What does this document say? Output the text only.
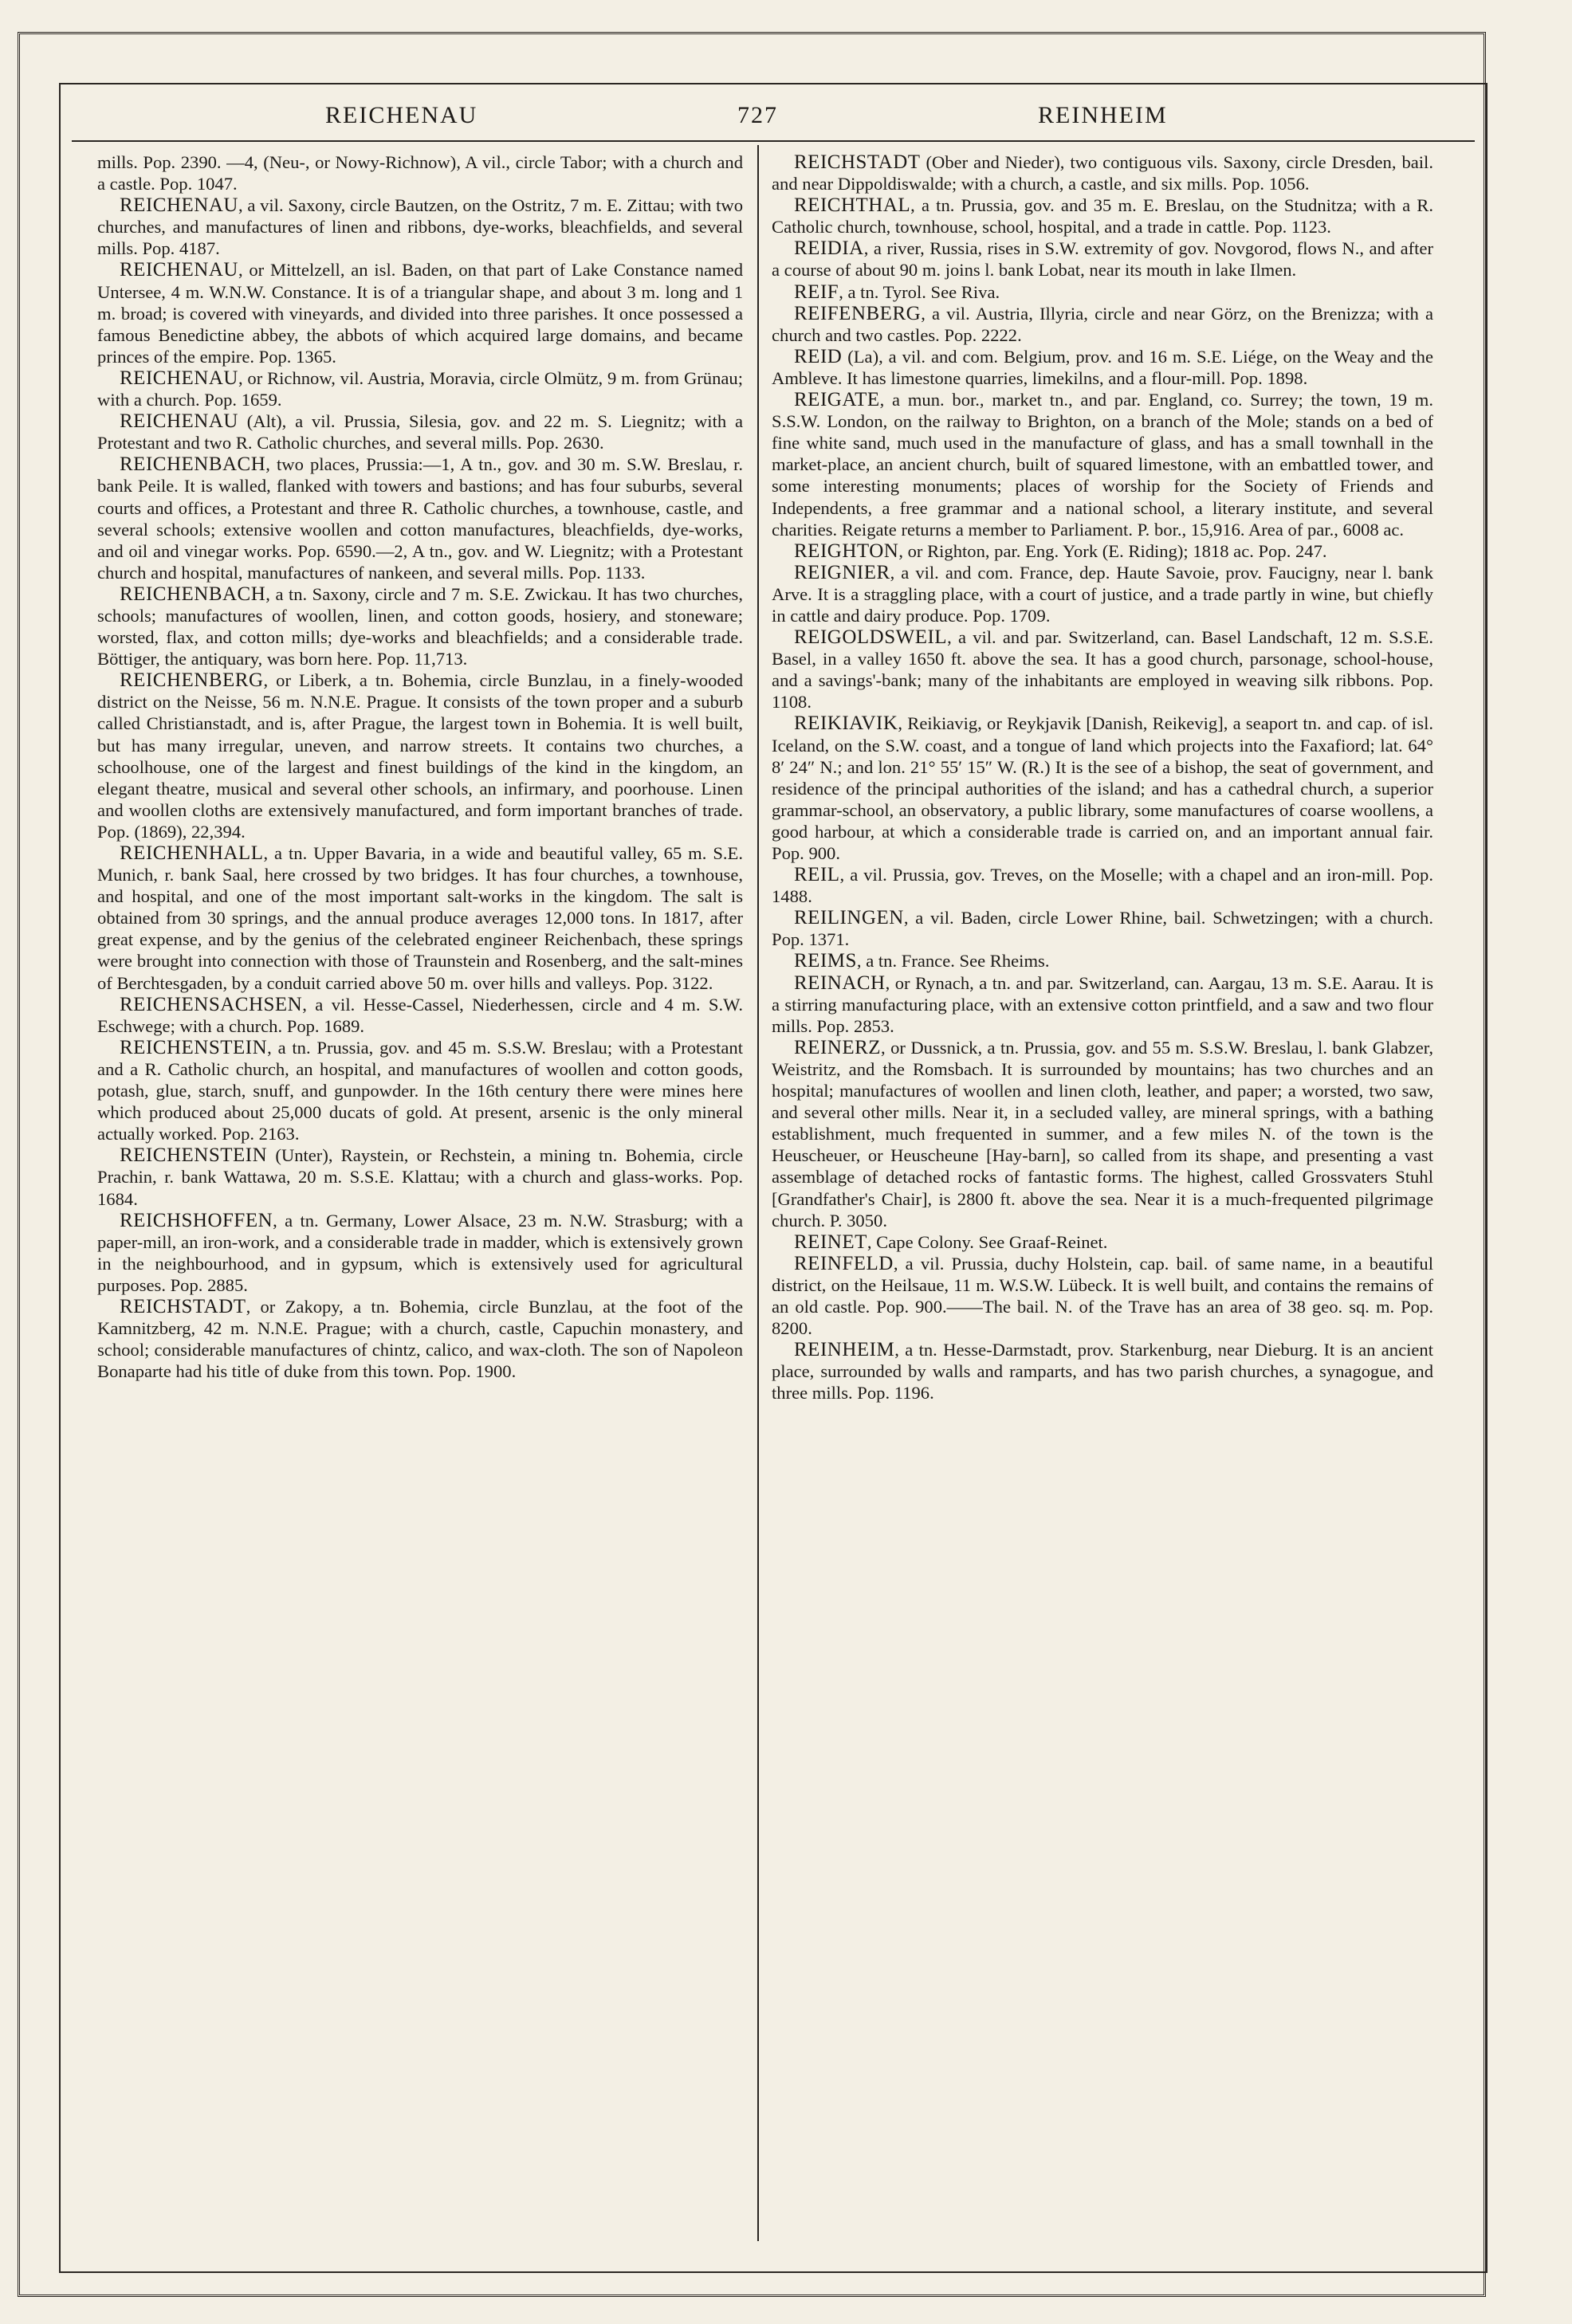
REICHENAU	727	REINHEIM

mills. Pop. 2390. —4, (Neu-, or Nowy-Richnow), A vil., circle Tabor; with a church and a castle. Pop. 1047.

REICHENAU, a vil. Saxony, circle Bautzen, on the Ostritz, 7 m. E. Zittau; with two churches, and manufactures of linen and ribbons, dye-works, bleachfields, and several mills. Pop. 4187.

REICHENAU, or Mittelzell, an isl. Baden, on that part of Lake Constance named Untersee, 4 m. W.N.W. Constance. It is of a triangular shape, and about 3 m. long and 1 m. broad; is covered with vineyards, and divided into three parishes. It once possessed a famous Benedictine abbey, the abbots of which acquired large domains, and became princes of the empire. Pop. 1365.

REICHENAU, or Richnow, vil. Austria, Moravia, circle Olmütz, 9 m. from Grünau; with a church. Pop. 1659.

REICHENAU (Alt), a vil. Prussia, Silesia, gov. and 22 m. S. Liegnitz; with a Protestant and two R. Catholic churches, and several mills. Pop. 2630.

REICHENBACH, two places, Prussia:—1, A tn., gov. and 30 m. S.W. Breslau, r. bank Peile. It is walled, flanked with towers and bastions; and has four suburbs, several courts and offices, a Protestant and three R. Catholic churches, a townhouse, castle, and several schools; extensive woollen and cotton manufactures, bleachfields, dye-works, and oil and vinegar works. Pop. 6590.—2, A tn., gov. and W. Liegnitz; with a Protestant church and hospital, manufactures of nankeen, and several mills. Pop. 1133.

REICHENBACH, a tn. Saxony, circle and 7 m. S.E. Zwickau. It has two churches, schools; manufactures of woollen, linen, and cotton goods, hosiery, and stoneware; worsted, flax, and cotton mills; dye-works and bleachfields; and a considerable trade. Böttiger, the antiquary, was born here. Pop. 11,713.

REICHENBERG, or Liberk, a tn. Bohemia, circle Bunzlau, in a finely-wooded district on the Neisse, 56 m. N.N.E. Prague. It consists of the town proper and a suburb called Christianstadt, and is, after Prague, the largest town in Bohemia. It is well built, but has many irregular, uneven, and narrow streets. It contains two churches, a schoolhouse, one of the largest and finest buildings of the kind in the kingdom, an elegant theatre, musical and several other schools, an infirmary, and poorhouse. Linen and woollen cloths are extensively manufactured, and form important branches of trade. Pop. (1869), 22,394.

REICHENHALL, a tn. Upper Bavaria, in a wide and beautiful valley, 65 m. S.E. Munich, r. bank Saal, here crossed by two bridges. It has four churches, a townhouse, and hospital, and one of the most important salt-works in the kingdom. The salt is obtained from 30 springs, and the annual produce averages 12,000 tons. In 1817, after great expense, and by the genius of the celebrated engineer Reichenbach, these springs were brought into connection with those of Traunstein and Rosenberg, and the salt-mines of Berchtesgaden, by a conduit carried above 50 m. over hills and valleys. Pop. 3122.

REICHENSACHSEN, a vil. Hesse-Cassel, Niederhessen, circle and 4 m. S.W. Eschwege; with a church. Pop. 1689.

REICHENSTEIN, a tn. Prussia, gov. and 45 m. S.S.W. Breslau; with a Protestant and a R. Catholic church, an hospital, and manufactures of woollen and cotton goods, potash, glue, starch, snuff, and gunpowder. In the 16th century there were mines here which produced about 25,000 ducats of gold. At present, arsenic is the only mineral actually worked. Pop. 2163.

REICHENSTEIN (Unter), Raystein, or Rechstein, a mining tn. Bohemia, circle Prachin, r. bank Wattawa, 20 m. S.S.E. Klattau; with a church and glass-works. Pop. 1684.

REICHSHOFFEN, a tn. Germany, Lower Alsace, 23 m. N.W. Strasburg; with a paper-mill, an iron-work, and a considerable trade in madder, which is extensively grown in the neighbourhood, and in gypsum, which is extensively used for agricultural purposes. Pop. 2885.

REICHSTADT, or Zakopy, a tn. Bohemia, circle Bunzlau, at the foot of the Kamnitzberg, 42 m. N.N.E. Prague; with a church, castle, Capuchin monastery, and school; considerable manufactures of chintz, calico, and wax-cloth. The son of Napoleon Bonaparte had his title of duke from this town. Pop. 1900.

REICHSTADT (Ober and Nieder), two contiguous vils. Saxony, circle Dresden, bail. and near Dippoldiswalde; with a church, a castle, and six mills. Pop. 1056.

REICHTHAL, a tn. Prussia, gov. and 35 m. E. Breslau, on the Studnitza; with a R. Catholic church, townhouse, school, hospital, and a trade in cattle. Pop. 1123.

REIDIA, a river, Russia, rises in S.W. extremity of gov. Novgorod, flows N., and after a course of about 90 m. joins l. bank Lobat, near its mouth in lake Ilmen.

REIF, a tn. Tyrol. See Riva.

REIFENBERG, a vil. Austria, Illyria, circle and near Görz, on the Brenizza; with a church and two castles. Pop. 2222.

REID (La), a vil. and com. Belgium, prov. and 16 m. S.E. Liége, on the Weay and the Ambleve. It has limestone quarries, limekilns, and a flour-mill. Pop. 1898.

REIGATE, a mun. bor., market tn., and par. England, co. Surrey; the town, 19 m. S.S.W. London, on the railway to Brighton, on a branch of the Mole; stands on a bed of fine white sand, much used in the manufacture of glass, and has a small townhall in the market-place, an ancient church, built of squared limestone, with an embattled tower, and some interesting monuments; places of worship for the Society of Friends and Independents, a free grammar and a national school, a literary institute, and several charities. Reigate returns a member to Parliament. P. bor., 15,916. Area of par., 6008 ac.

REIGHTON, or Righton, par. Eng. York (E. Riding); 1818 ac. Pop. 247.

REIGNIER, a vil. and com. France, dep. Haute Savoie, prov. Faucigny, near l. bank Arve. It is a straggling place, with a court of justice, and a trade partly in wine, but chiefly in cattle and dairy produce. Pop. 1709.

REIGOLDSWEIL, a vil. and par. Switzerland, can. Basel Landschaft, 12 m. S.S.E. Basel, in a valley 1650 ft. above the sea. It has a good church, parsonage, school-house, and a savings'-bank; many of the inhabitants are employed in weaving silk ribbons. Pop. 1108.

REIKIAVIK, Reikiavig, or Reykjavik [Danish, Reikevig], a seaport tn. and cap. of isl. Iceland, on the S.W. coast, and a tongue of land which projects into the Faxafiord; lat. 64° 8′ 24″ N.; and lon. 21° 55′ 15″ W. (R.) It is the see of a bishop, the seat of government, and residence of the principal authorities of the island; and has a cathedral church, a superior grammar-school, an observatory, a public library, some manufactures of coarse woollens, a good harbour, at which a considerable trade is carried on, and an important annual fair. Pop. 900.

REIL, a vil. Prussia, gov. Treves, on the Moselle; with a chapel and an iron-mill. Pop. 1488.

REILINGEN, a vil. Baden, circle Lower Rhine, bail. Schwetzingen; with a church. Pop. 1371.

REIMS, a tn. France. See Rheims.

REINACH, or Rynach, a tn. and par. Switzerland, can. Aargau, 13 m. S.E. Aarau. It is a stirring manufacturing place, with an extensive cotton printfield, and a saw and two flour mills. Pop. 2853.

REINERZ, or Dussnick, a tn. Prussia, gov. and 55 m. S.S.W. Breslau, l. bank Glabzer, Weistritz, and the Romsbach. It is surrounded by mountains; has two churches and an hospital; manufactures of woollen and linen cloth, leather, and paper; a worsted, two saw, and several other mills. Near it, in a secluded valley, are mineral springs, with a bathing establishment, much frequented in summer, and a few miles N. of the town is the Heuscheuer, or Heuscheune [Hay-barn], so called from its shape, and presenting a vast assemblage of detached rocks of fantastic forms. The highest, called Grossvaters Stuhl [Grandfather's Chair], is 2800 ft. above the sea. Near it is a much-frequented pilgrimage church. P. 3050.

REINET, Cape Colony. See Graaf-Reinet.

REINFELD, a vil. Prussia, duchy Holstein, cap. bail. of same name, in a beautiful district, on the Heilsaue, 11 m. W.S.W. Lübeck. It is well built, and contains the remains of an old castle. Pop. 900.——The bail. N. of the Trave has an area of 38 geo. sq. m. Pop. 8200.

REINHEIM, a tn. Hesse-Darmstadt, prov. Starkenburg, near Dieburg. It is an ancient place, surrounded by walls and ramparts, and has two parish churches, a synagogue, and three mills. Pop. 1196.
